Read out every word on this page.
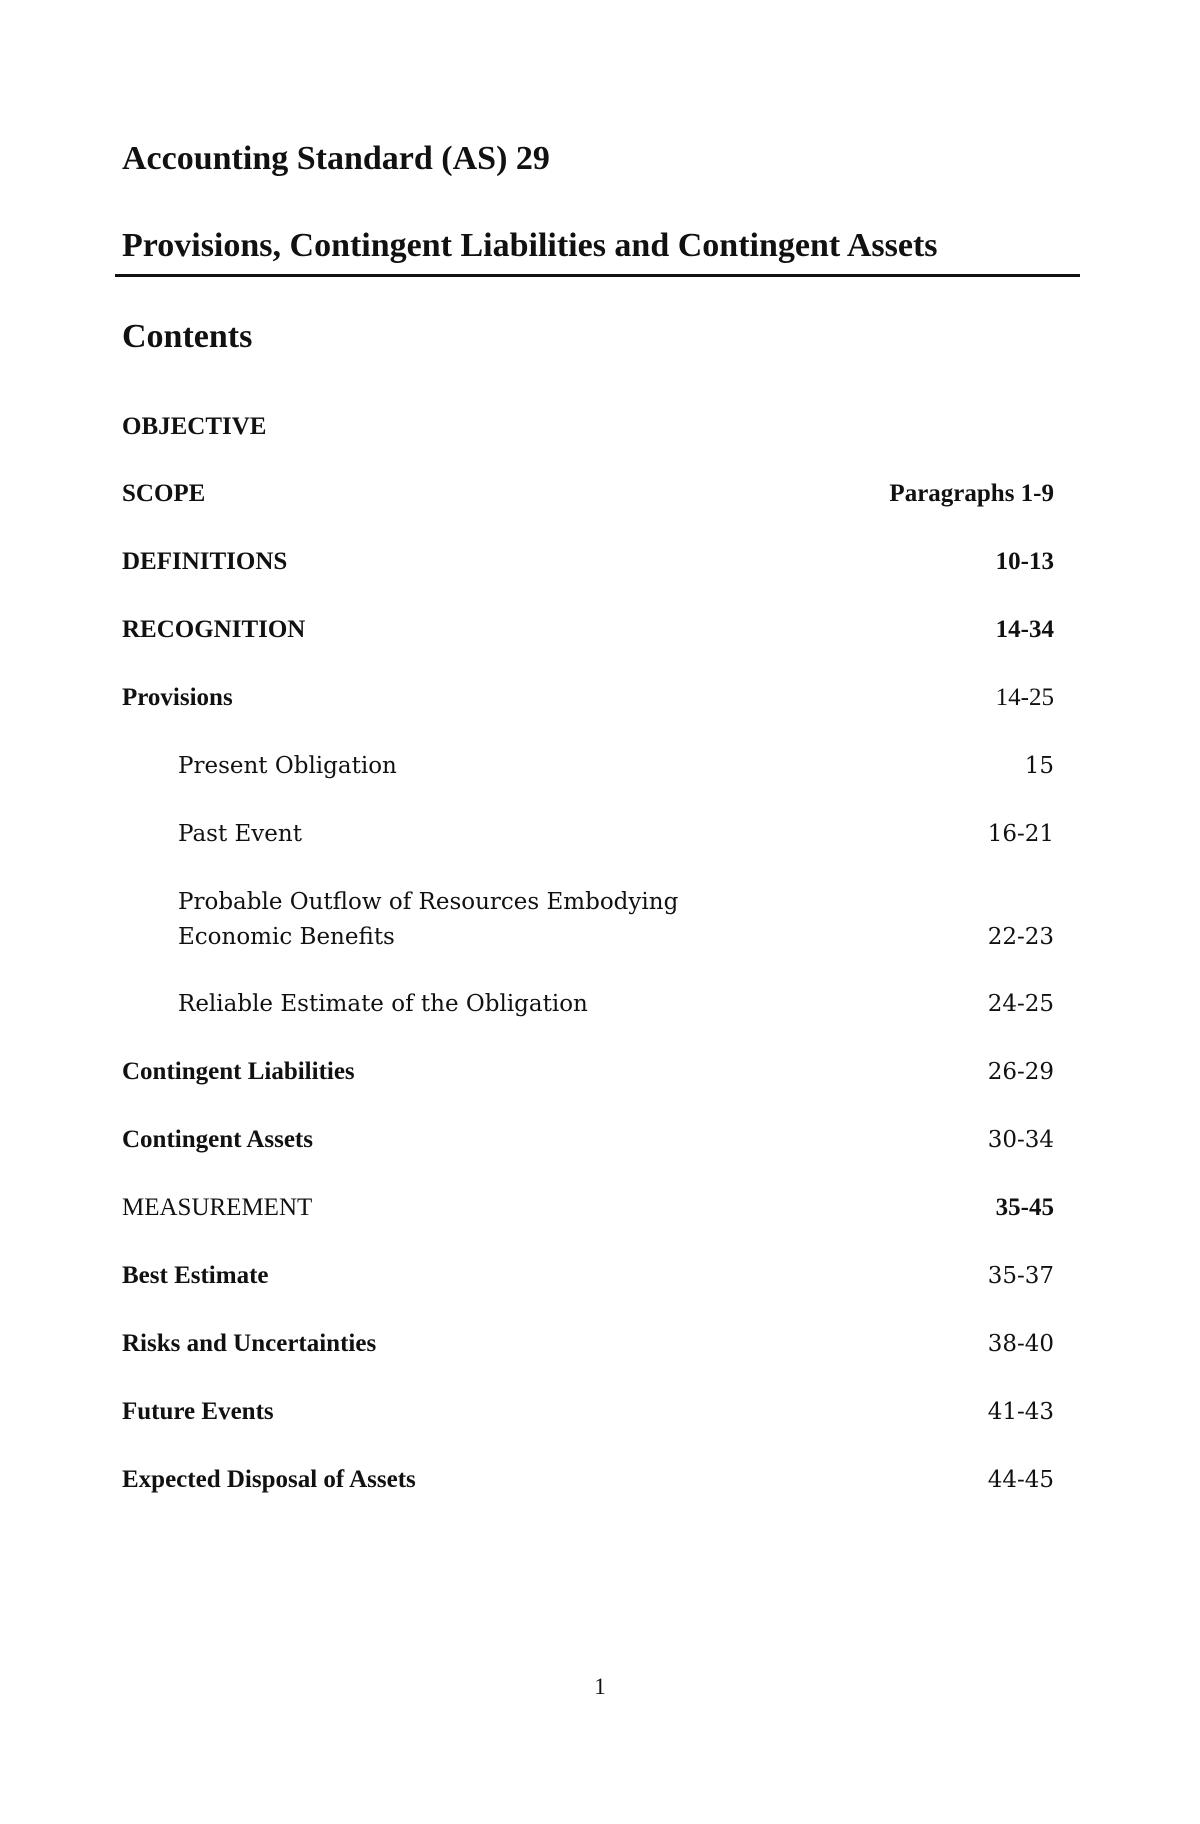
Accounting Standard (AS) 29
Provisions, Contingent Liabilities and Contingent Assets
Contents
OBJECTIVE
SCOPE	Paragraphs 1-9
DEFINITIONS	10-13
RECOGNITION	14-34
Provisions	14-25
Present Obligation	15
Past Event	16-21
Probable Outflow of Resources Embodying
Economic Benefits	22-23
Reliable Estimate of the Obligation	24-25
Contingent Liabilities	26-29
Contingent Assets	30-34
MEASUREMENT	35-45
Best Estimate	35-37
Risks and Uncertainties	38-40
Future Events	41-43
Expected Disposal of Assets	44-45
1
